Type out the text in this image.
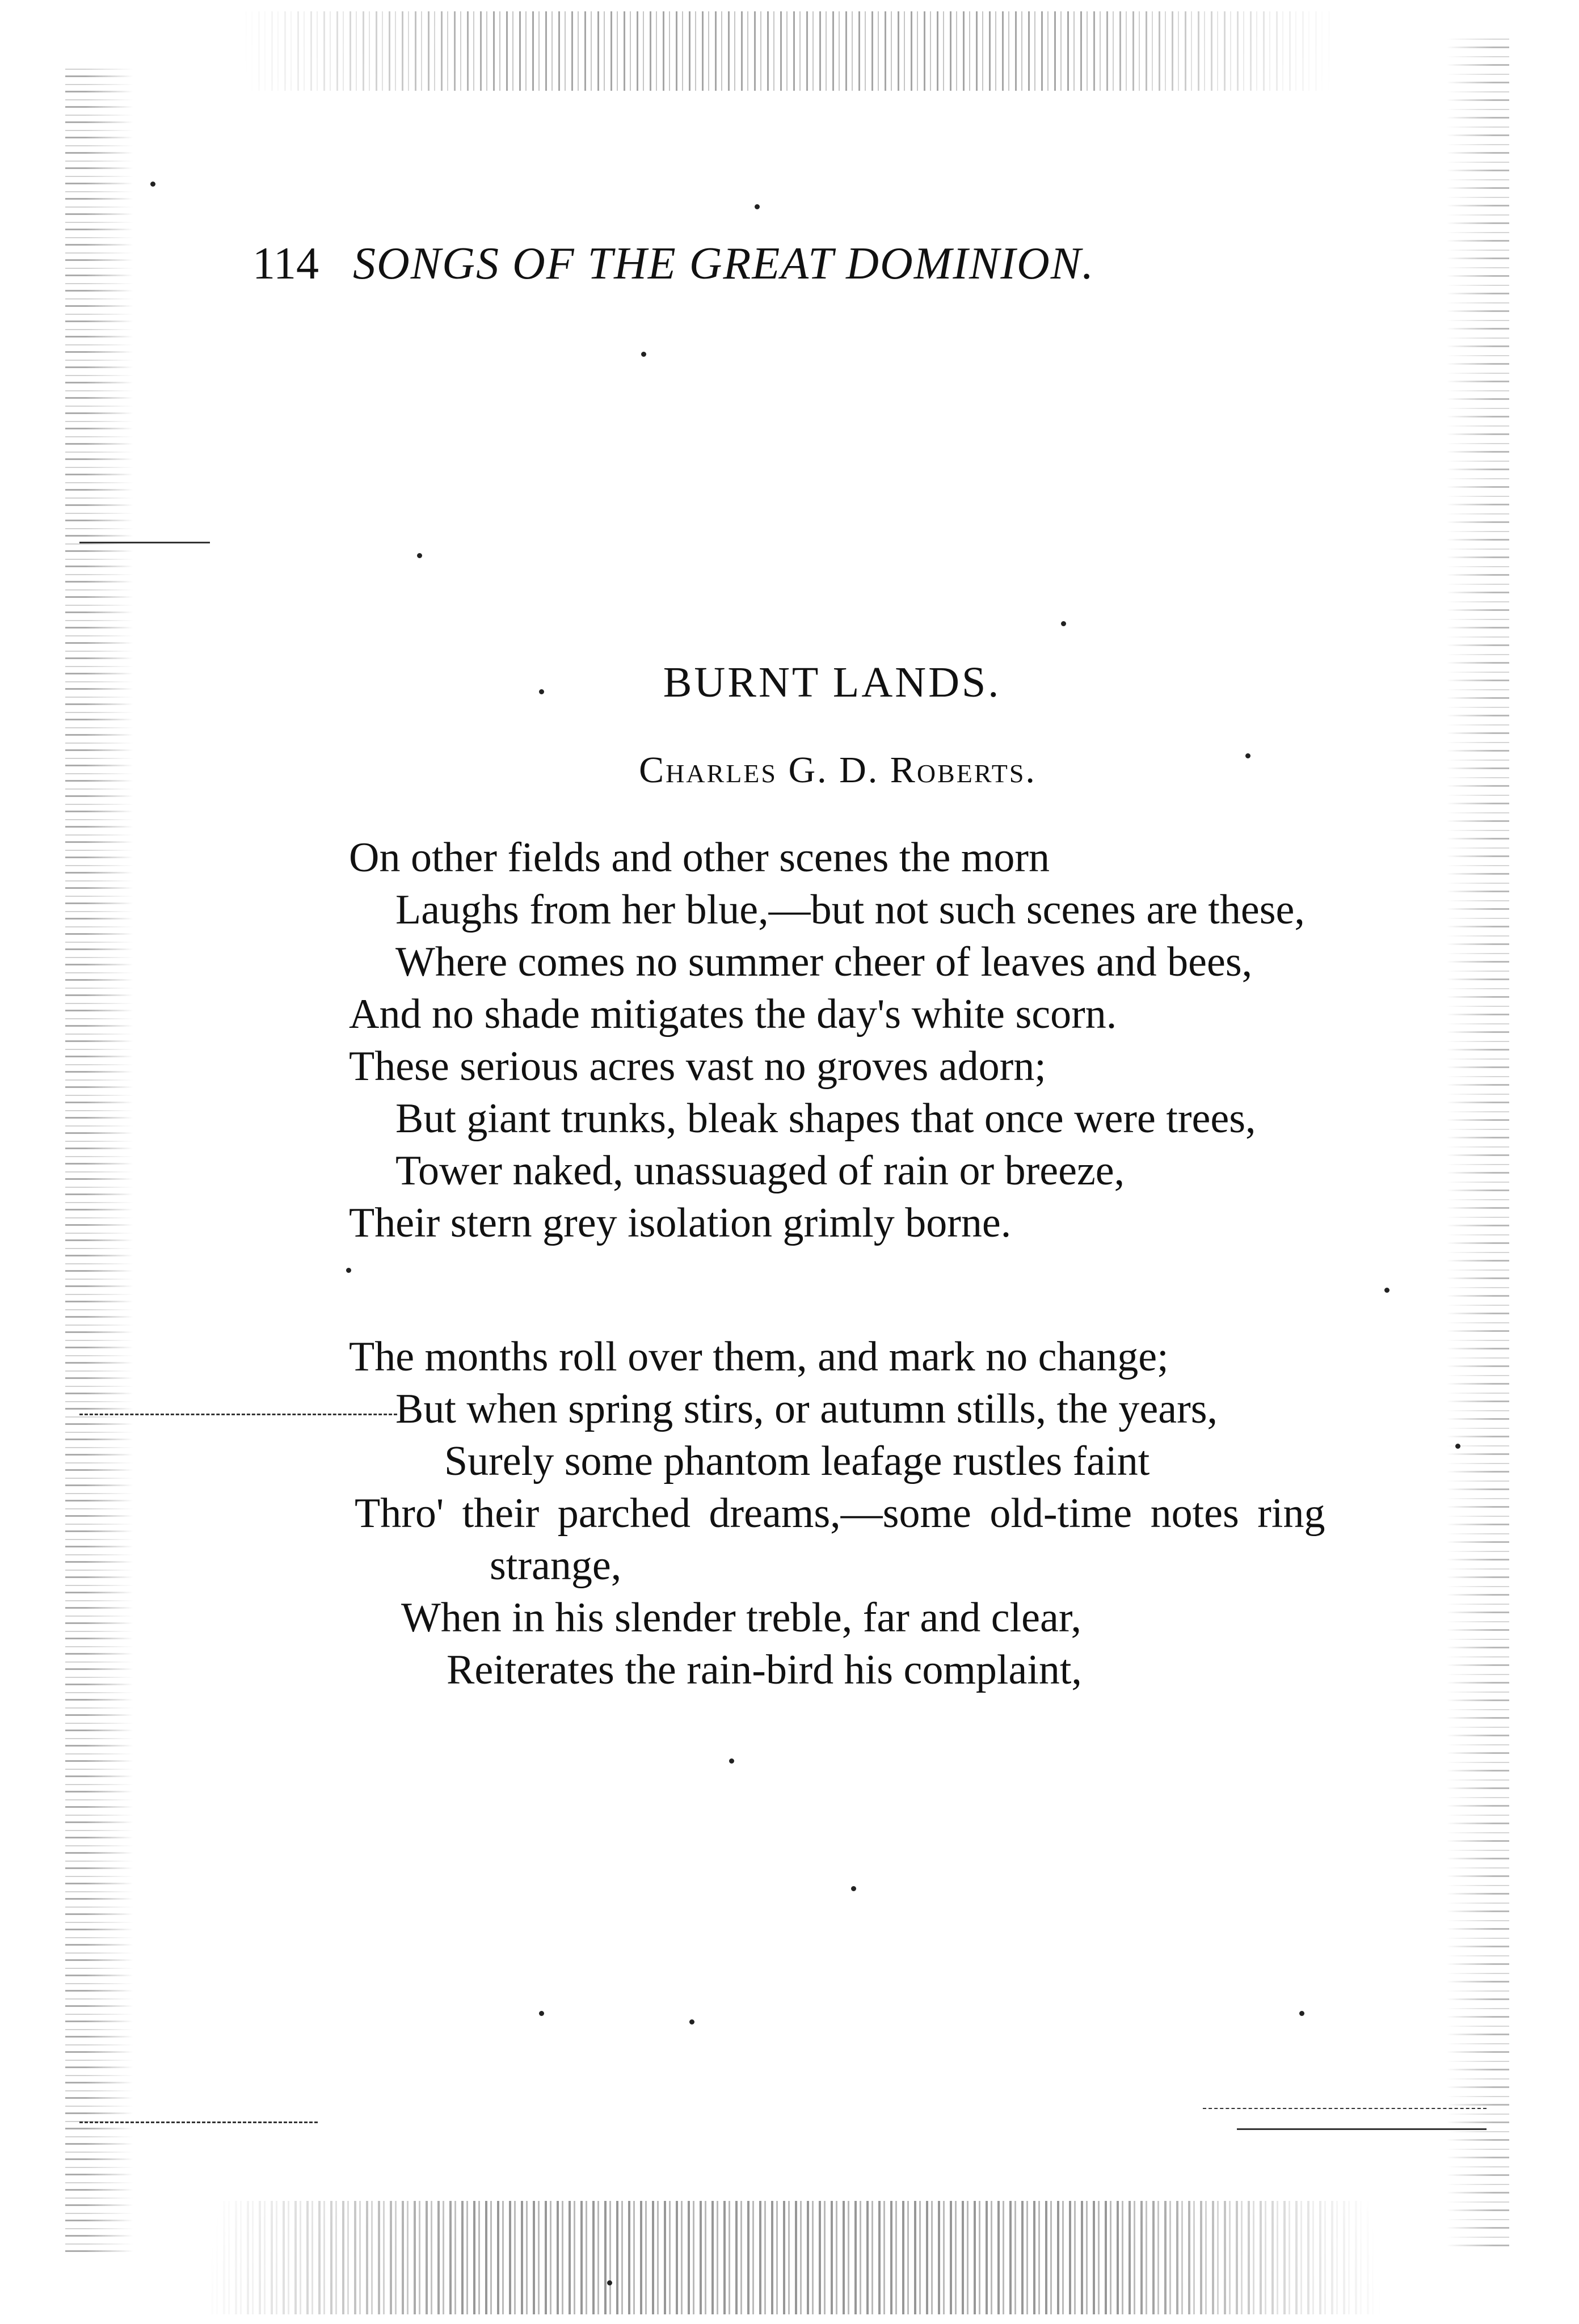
114 SONGS OF THE GREAT DOMINION.
BURNT LANDS.
Charles G. D. Roberts.
On other fields and other scenes the morn
Laughs from her blue,—but not such scenes are these,
Where comes no summer cheer of leaves and bees,
And no shade mitigates the day's white scorn.
These serious acres vast no groves adorn;
But giant trunks, bleak shapes that once were trees,
Tower naked, unassuaged of rain or breeze,
Their stern grey isolation grimly borne.
The months roll over them, and mark no change;
But when spring stirs, or autumn stills, the years,
Surely some phantom leafage rustles faint
Thro' their parched dreams,—some old-time notes ring
strange,
When in his slender treble, far and clear,
Reiterates the rain-bird his complaint,
